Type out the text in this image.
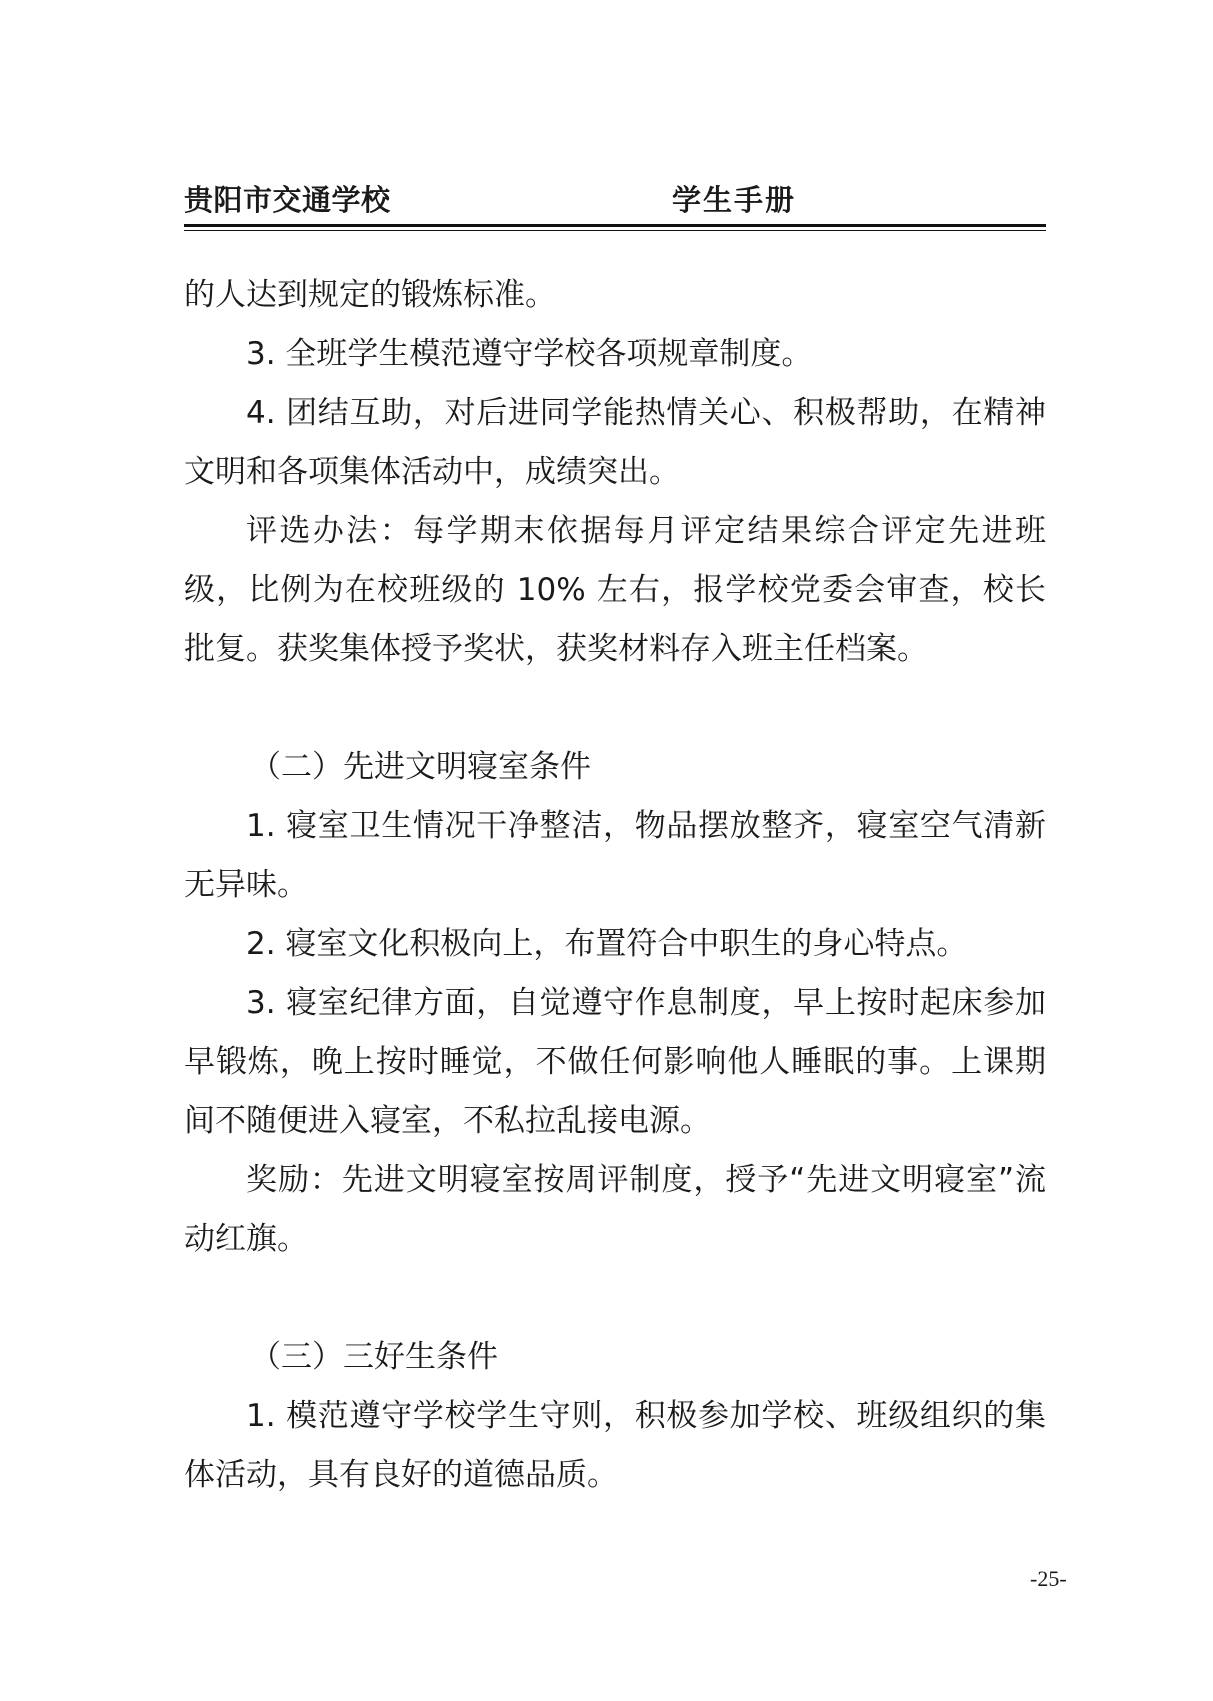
贵阳市交通学校	学生手册

的人达到规定的锻炼标准。

3. 全班学生模范遵守学校各项规章制度。

4. 团结互助，对后进同学能热情关心、积极帮助，在精神文明和各项集体活动中，成绩突出。

评选办法：每学期末依据每月评定结果综合评定先进班级，比例为在校班级的 10% 左右，报学校党委会审查，校长批复。获奖集体授予奖状，获奖材料存入班主任档案。

（二）先进文明寝室条件

1. 寝室卫生情况干净整洁，物品摆放整齐，寝室空气清新无异味。

2. 寝室文化积极向上，布置符合中职生的身心特点。

3. 寝室纪律方面，自觉遵守作息制度，早上按时起床参加早锻炼，晚上按时睡觉，不做任何影响他人睡眠的事。上课期间不随便进入寝室，不私拉乱接电源。

奖励：先进文明寝室按周评制度，授予“先进文明寝室”流动红旗。

（三）三好生条件

1. 模范遵守学校学生守则，积极参加学校、班级组织的集体活动，具有良好的道德品质。

-25-
